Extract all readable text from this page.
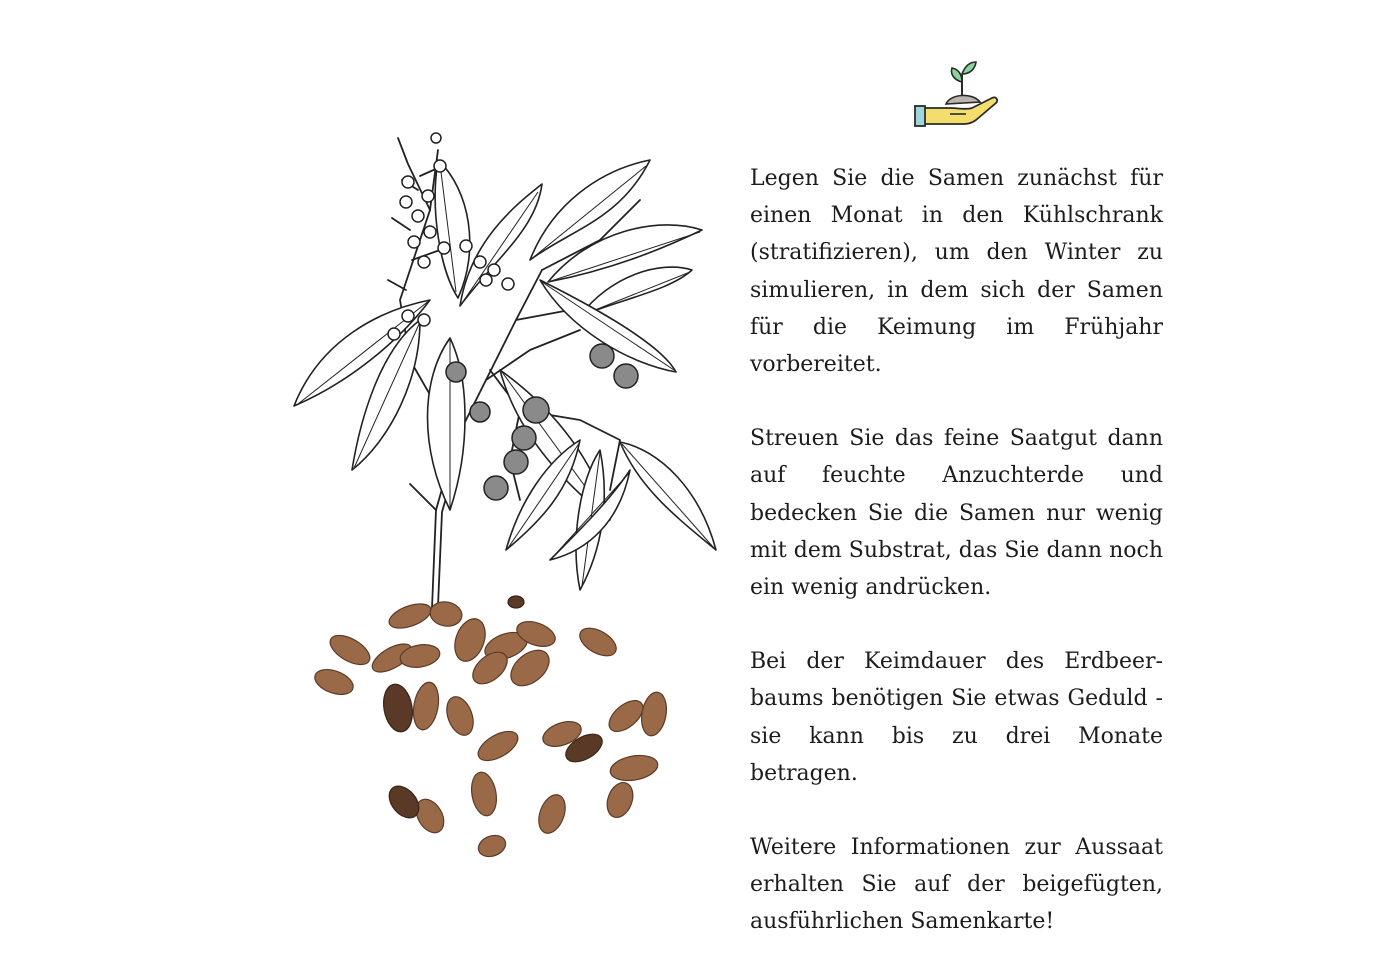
Legen Sie die Samen zunächst für einen Monat in den Kühlschrank (stratifizieren), um den Winter zu simulieren, in dem sich der Samen für die Keimung im Frühjahr vorbereitet.

Streuen Sie das feine Saatgut dann auf feuchte Anzuchterde und bedecken Sie die Samen nur wenig mit dem Substrat, das Sie dann noch ein wenig andrücken.

Bei der Keimdauer des Erdbeer-baums benötigen Sie etwas Geduld - sie kann bis zu drei Monate betragen.

Weitere Informationen zur Aussaat erhalten Sie auf der beigefügten, ausführlichen Samenkarte!
